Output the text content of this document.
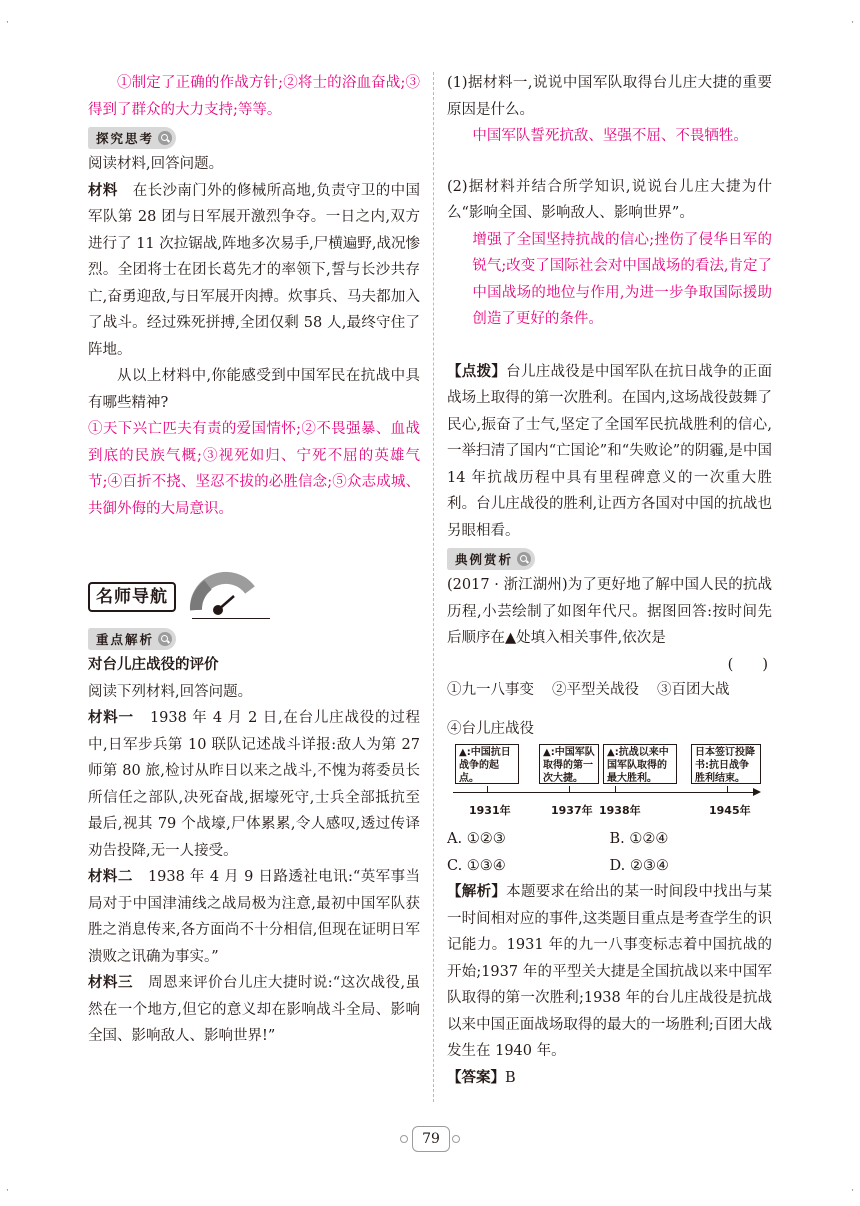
·	·
·	·

①制定了正确的作战方针;②将士的浴血奋战;③得到了群众的大力支持;等等。

探究思考

阅读材料,回答问题。

材料 在长沙南门外的修械所高地,负责守卫的中国军队第 28 团与日军展开激烈争夺。一日之内,双方进行了 11 次拉锯战,阵地多次易手,尸横遍野,战况惨烈。全团将士在团长葛先才的率领下,誓与长沙共存亡,奋勇迎敌,与日军展开肉搏。炊事兵、马夫都加入了战斗。经过殊死拼搏,全团仅剩 58 人,最终守住了阵地。

从以上材料中,你能感受到中国军民在抗战中具有哪些精神?

①天下兴亡匹夫有责的爱国情怀;②不畏强暴、血战到底的民族气概;③视死如归、宁死不屈的英雄气节;④百折不挠、坚忍不拔的必胜信念;⑤众志成城、共御外侮的大局意识。

名师导航
重点解析

对台儿庄战役的评价

阅读下列材料,回答问题。

材料一 1938 年 4 月 2 日,在台儿庄战役的过程中,日军步兵第 10 联队记述战斗详报:敌人为第 27 师第 80 旅,检讨从昨日以来之战斗,不愧为蒋委员长所信任之部队,决死奋战,据壕死守,士兵全部抵抗至最后,视其 79 个战壕,尸体累累,令人感叹,透过传译劝告投降,无一人接受。

材料二 1938 年 4 月 9 日路透社电讯:“英军事当局对于中国津浦线之战局极为注意,最初中国军队获胜之消息传来,各方面尚不十分相信,但现在证明日军溃败之讯确为事实。”

材料三 周恩来评价台儿庄大捷时说:“这次战役,虽然在一个地方,但它的意义却在影响战斗全局、影响全国、影响敌人、影响世界!”

(1)据材料一,说说中国军队取得台儿庄大捷的重要原因是什么。

中国军队誓死抗敌、坚强不屈、不畏牺牲。

(2)据材料并结合所学知识,说说台儿庄大捷为什么“影响全国、影响敌人、影响世界”。

增强了全国坚持抗战的信心;挫伤了侵华日军的锐气;改变了国际社会对中国战场的看法,肯定了中国战场的地位与作用,为进一步争取国际援助创造了更好的条件。

【点拨】台儿庄战役是中国军队在抗日战争的正面战场上取得的第一次胜利。在国内,这场战役鼓舞了民心,振奋了士气,坚定了全国军民抗战胜利的信心,一举扫清了国内“亡国论”和“失败论”的阴霾,是中国 14 年抗战历程中具有里程碑意义的一次重大胜利。台儿庄战役的胜利,让西方各国对中国的抗战也另眼相看。

典例赏析

(2017 · 浙江湖州)为了更好地了解中国人民的抗战历程,小芸绘制了如图年代尺。据图回答:按时间先后顺序在▲处填入相关事件,依次是

(　　)

①九一八事变 ②平型关战役 ③百团大战
④台儿庄战役
▲:中国抗日战争的起点。
▲:中国军队取得的第一次大捷。
▲:抗战以来中国军队取得的最大胜利。
日本签订投降书:抗日战争胜利结束。
1931年	1937年 1938年	1945年

A. ①②③	B. ①②④

C. ①③④	D. ②③④

【解析】本题要求在给出的某一时间段中找出与某一时间相对应的事件,这类题目重点是考查学生的识记能力。1931 年的九一八事变标志着中国抗战的开始;1937 年的平型关大捷是全国抗战以来中国军队取得的第一次胜利;1938 年的台儿庄战役是抗战以来中国正面战场取得的最大的一场胜利;百团大战发生在 1940 年。

【答案】B

79
